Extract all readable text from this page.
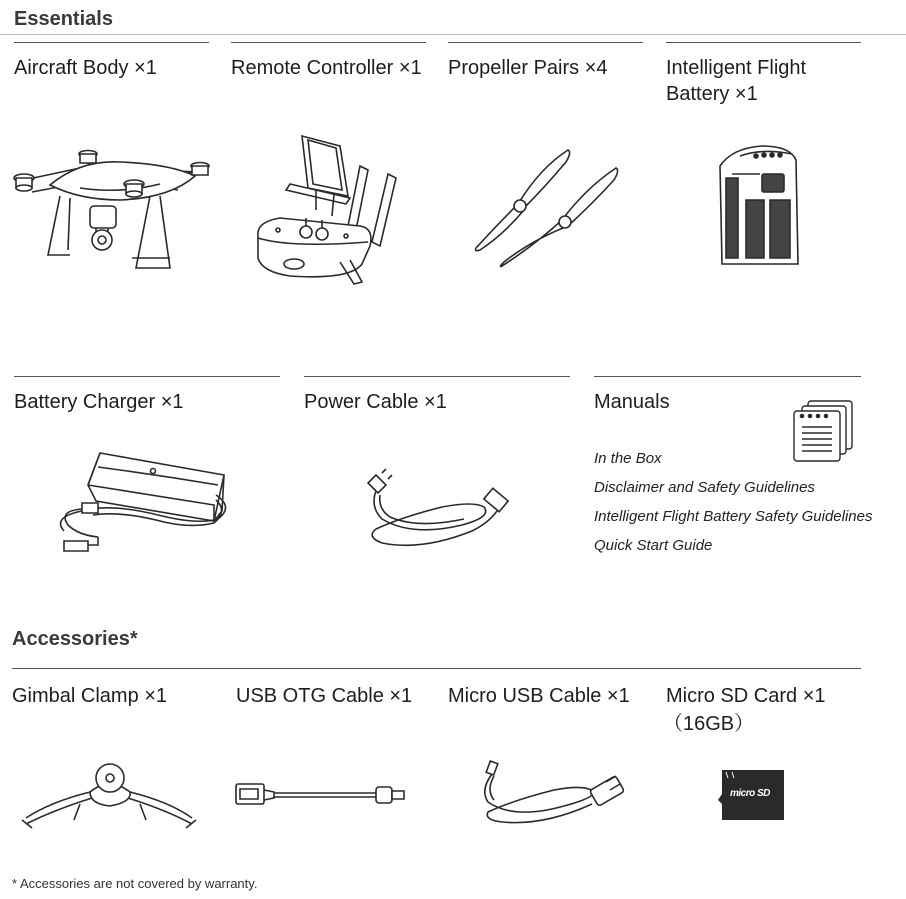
Essentials
Aircraft Body ×1	Remote Controller ×1 Propeller Pairs ×4	Intelligent Flight
Battery ×1
Battery Charger ×1	Power Cable ×1	Manuals
In the Box
Disclaimer and Safety Guidelines
Intelligent Flight Battery Safety Guidelines
Quick Start Guide
Accessories*
Gimbal Clamp ×1	USB OTG Cable ×1 Micro USB Cable ×1 Micro SD Card ×1
（16GB）
micro SD
* Accessories are not covered by warranty.
